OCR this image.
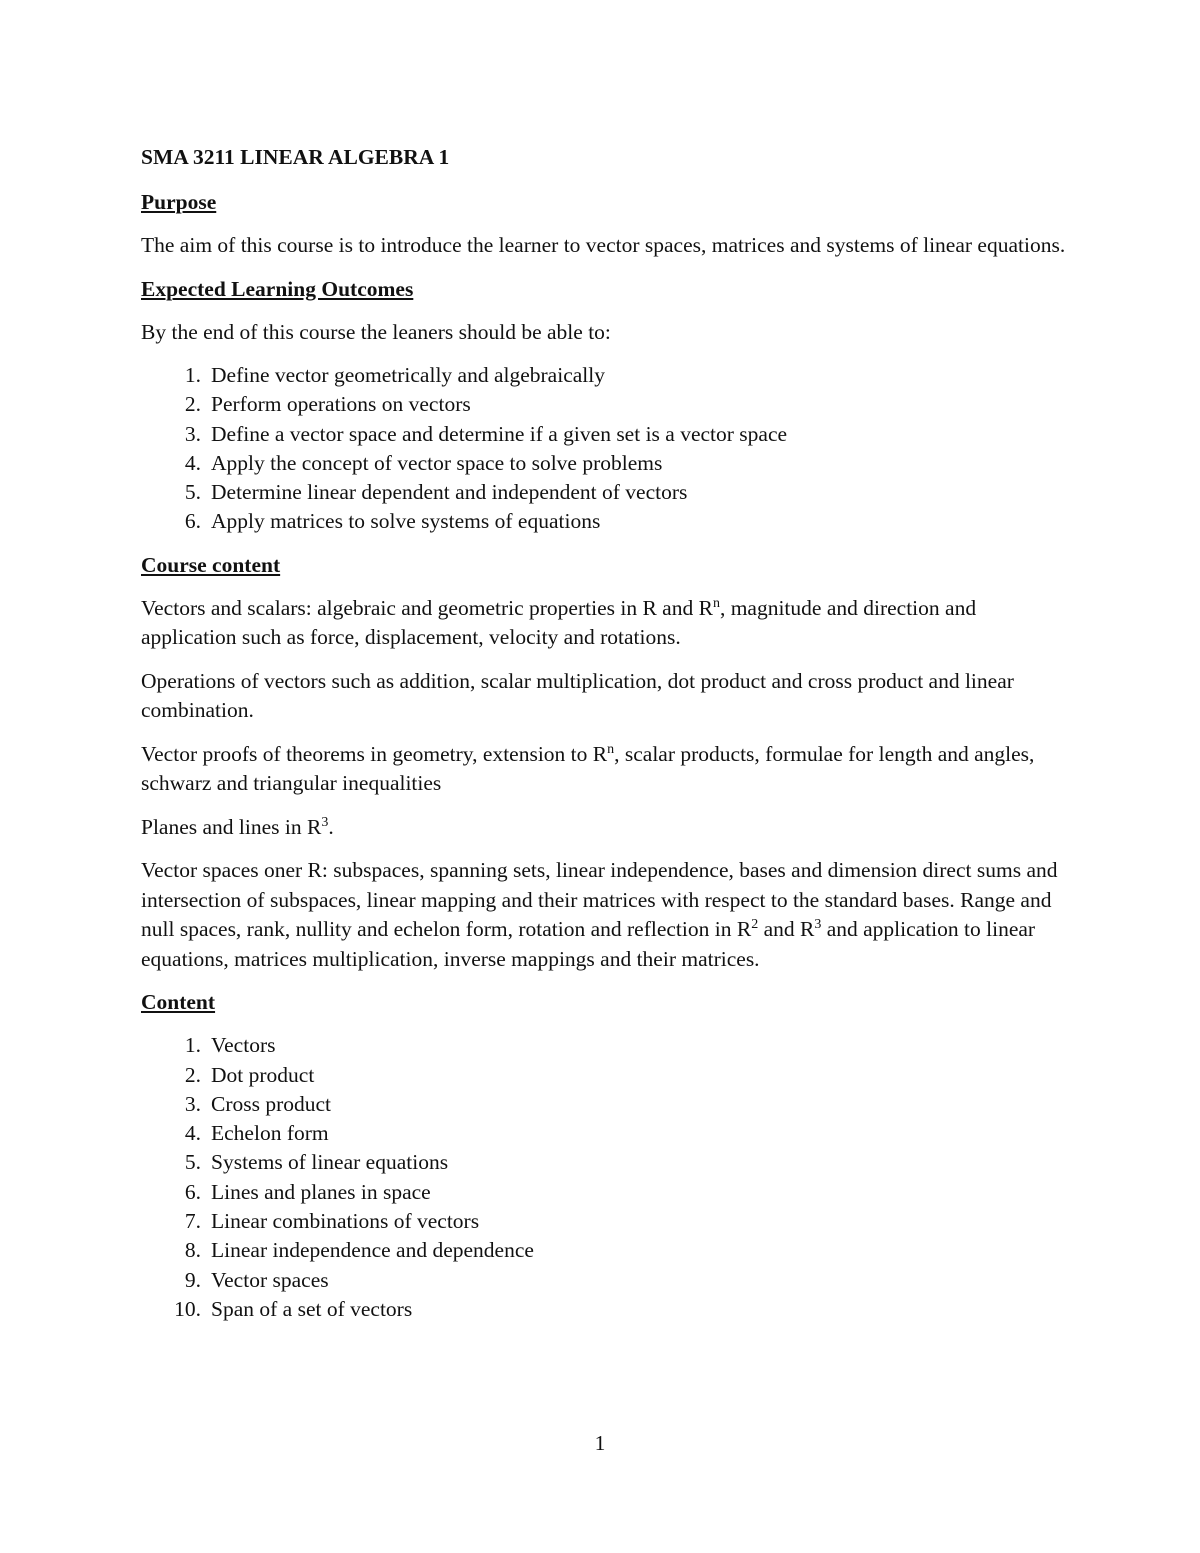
SMA 3211 LINEAR ALGEBRA 1
Purpose

The aim of this course is to introduce the learner to vector spaces, matrices and systems of linear equations.

Expected Learning Outcomes

By the end of this course the leaners should be able to:

1. Define vector geometrically and algebraically
2. Perform operations on vectors
3. Define a vector space and determine if a given set is a vector space
4. Apply the concept of vector space to solve problems
5. Determine linear dependent and independent of vectors
6. Apply matrices to solve systems of equations
Course content

Vectors and scalars: algebraic and geometric properties in R and $R^n$, magnitude and direction and application such as force, displacement, velocity and rotations.

Operations of vectors such as addition, scalar multiplication, dot product and cross product and linear combination.

Vector proofs of theorems in geometry, extension to $R^n$, scalar products, formulae for length and angles, schwarz and triangular inequalities

Planes and lines in $R^3$.

Vector spaces oner R: subspaces, spanning sets, linear independence, bases and dimension direct sums and intersection of subspaces, linear mapping and their matrices with respect to the standard bases. Range and null spaces, rank, nullity and echelon form, rotation and reflection in $R^2$ and $R^3$ and application to linear equations, matrices multiplication, inverse mappings and their matrices.

Content
1. Vectors
2. Dot product
3. Cross product
4. Echelon form
5. Systems of linear equations
6. Lines and planes in space
7. Linear combinations of vectors
8. Linear independence and dependence
9. Vector spaces
10. Span of a set of vectors
1
